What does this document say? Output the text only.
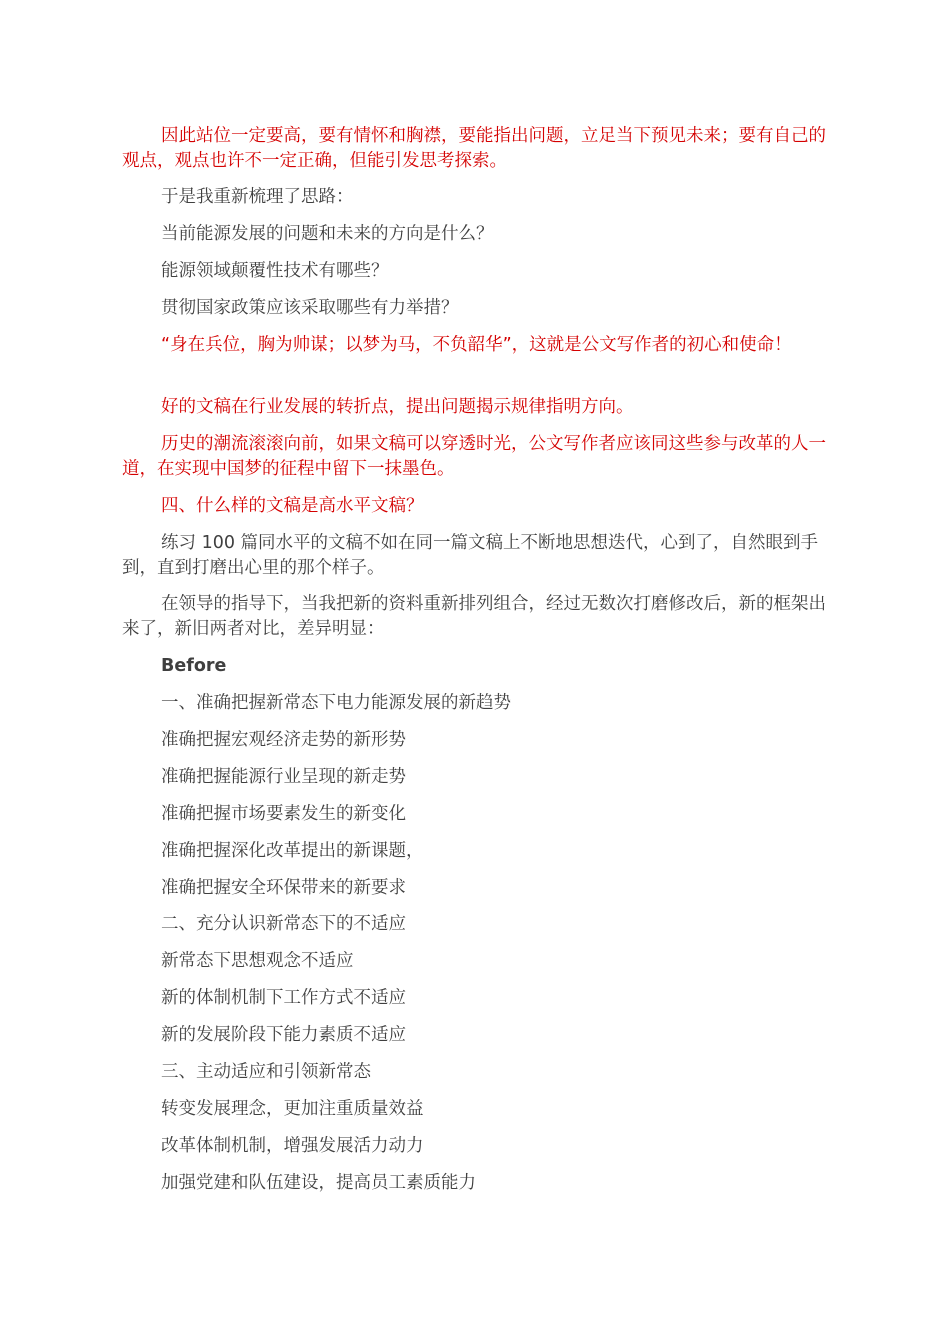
因此站位一定要高，要有情怀和胸襟，要能指出问题，立足当下预见未来；要有自己的观点，观点也许不一定正确，但能引发思考探索。

于是我重新梳理了思路：

当前能源发展的问题和未来的方向是什么？

能源领域颠覆性技术有哪些？

贯彻国家政策应该采取哪些有力举措？

“身在兵位，胸为帅谋；以梦为马，不负韶华”，这就是公文写作者的初心和使命！

好的文稿在行业发展的转折点，提出问题揭示规律指明方向。

历史的潮流滚滚向前，如果文稿可以穿透时光，公文写作者应该同这些参与改革的人一道，在实现中国梦的征程中留下一抹墨色。

四、什么样的文稿是高水平文稿？

练习 100 篇同水平的文稿不如在同一篇文稿上不断地思想迭代，心到了，自然眼到手到，直到打磨出心里的那个样子。

在领导的指导下，当我把新的资料重新排列组合，经过无数次打磨修改后，新的框架出来了，新旧两者对比，差异明显：

Before

一、准确把握新常态下电力能源发展的新趋势

准确把握宏观经济走势的新形势

准确把握能源行业呈现的新走势

准确把握市场要素发生的新变化

准确把握深化改革提出的新课题，

准确把握安全环保带来的新要求

二、充分认识新常态下的不适应

新常态下思想观念不适应

新的体制机制下工作方式不适应

新的发展阶段下能力素质不适应

三、主动适应和引领新常态

转变发展理念，更加注重质量效益

改革体制机制，增强发展活力动力

加强党建和队伍建设，提高员工素质能力
